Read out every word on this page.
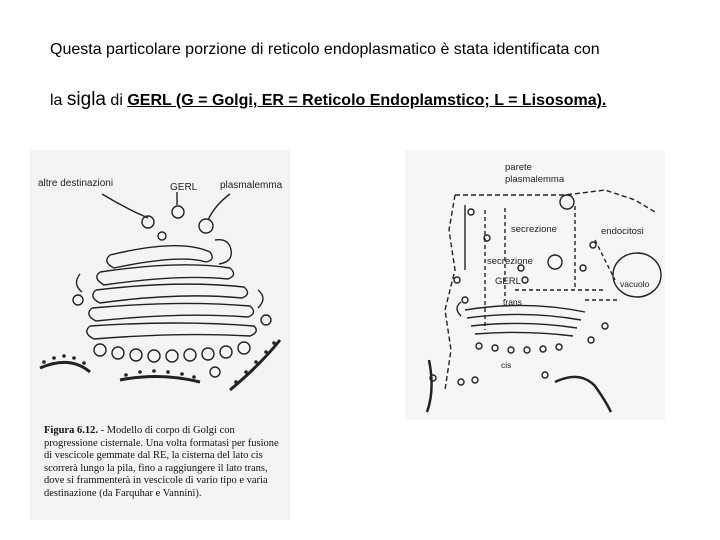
Questa particolare porzione di reticolo endoplasmatico è stata identificata con
la sigla di GERL (G = Golgi, ER = Reticolo Endoplamstico; L = Lisosoma).
altre destinazioni	GERL plasmalemma
Figura 6.12. - Modello di corpo di Golgi con progressione cisternale. Una volta formatasi per fusione di vescicole gemmate dal RE, la cisterna del lato cis scorrerà lungo la pila, fino a raggiungere il lato trans, dove si frammenterà in vescicole di vario tipo e varia destinazione (da Farquhar e Vannini).
parete
plasmalemma
secrezione	endocitosi
secrezione
GERL	vacuolo
trans
cis
